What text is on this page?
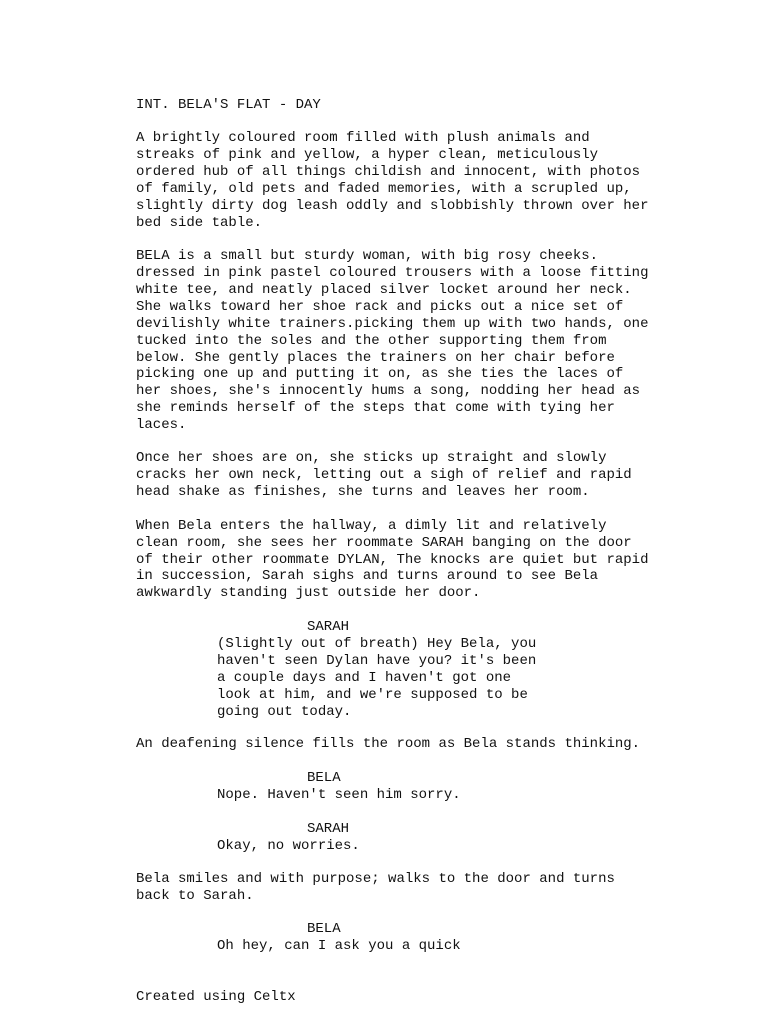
INT. BELA'S FLAT - DAY
A brightly coloured room filled with plush animals and
streaks of pink and yellow, a hyper clean, meticulously
ordered hub of all things childish and innocent, with photos
of family, old pets and faded memories, with a scrupled up,
slightly dirty dog leash oddly and slobbishly thrown over her
bed side table.
BELA is a small but sturdy woman, with big rosy cheeks.
dressed in pink pastel coloured trousers with a loose fitting
white tee, and neatly placed silver locket around her neck.
She walks toward her shoe rack and picks out a nice set of
devilishly white trainers.picking them up with two hands, one
tucked into the soles and the other supporting them from
below. She gently places the trainers on her chair before
picking one up and putting it on, as she ties the laces of
her shoes, she's innocently hums a song, nodding her head as
she reminds herself of the steps that come with tying her
laces.
Once her shoes are on, she sticks up straight and slowly
cracks her own neck, letting out a sigh of relief and rapid
head shake as finishes, she turns and leaves her room.
When Bela enters the hallway, a dimly lit and relatively
clean room, she sees her roommate SARAH banging on the door
of their other roommate DYLAN, The knocks are quiet but rapid
in succession, Sarah sighs and turns around to see Bela
awkwardly standing just outside her door.
SARAH
(Slightly out of breath) Hey Bela, you
haven't seen Dylan have you? it's been
a couple days and I haven't got one
look at him, and we're supposed to be
going out today.
An deafening silence fills the room as Bela stands thinking.
BELA
Nope. Haven't seen him sorry.
SARAH
Okay, no worries.
Bela smiles and with purpose; walks to the door and turns
back to Sarah.
BELA
Oh hey, can I ask you a quick
Created using Celtx
